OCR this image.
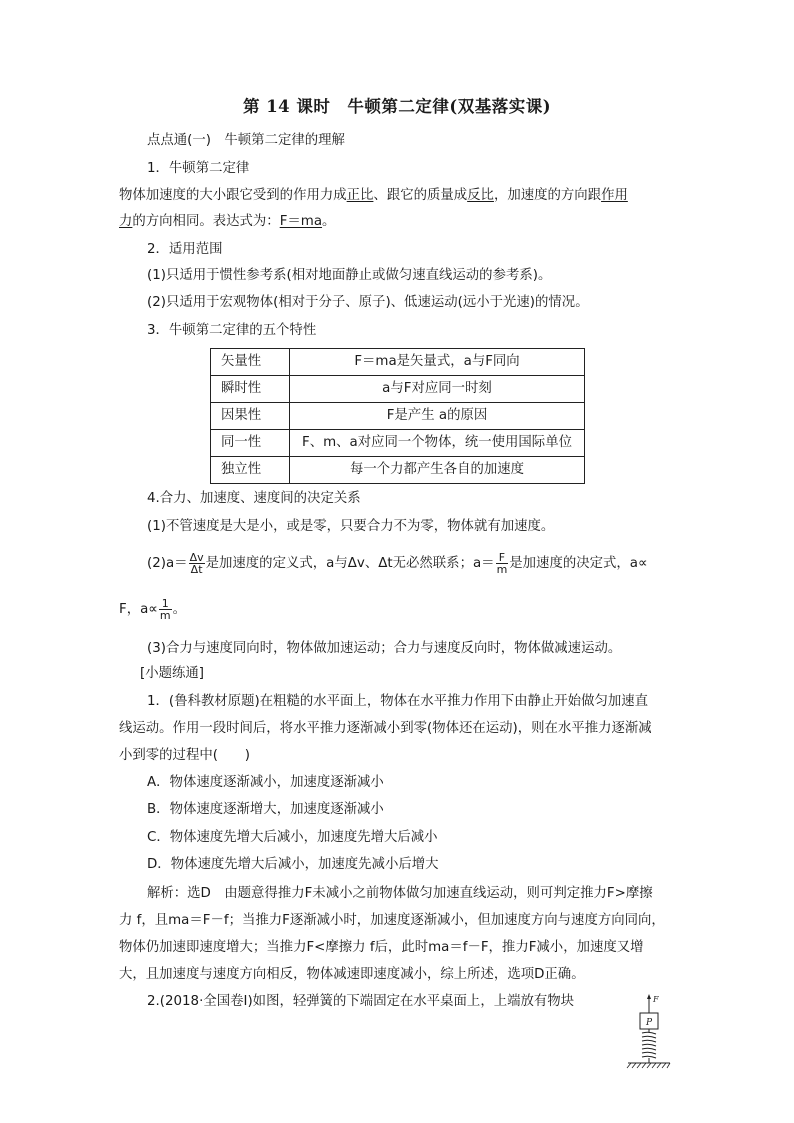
第 14 课时　牛顿第二定律(双基落实课)
点点通(一)　牛顿第二定律的理解
1．牛顿第二定律
物体加速度的大小跟它受到的作用力成正比、跟它的质量成反比，加速度的方向跟作用
力的方向相同。表达式为：F＝ma。
2．适用范围
(1)只适用于惯性参考系(相对地面静止或做匀速直线运动的参考系)。
(2)只适用于宏观物体(相对于分子、原子)、低速运动(远小于光速)的情况。
3．牛顿第二定律的五个特性
矢量性	F＝ma是矢量式，a与F同向
瞬时性	a与F对应同一时刻
因果性	F是产生 a的原因
同一性	F、m、a对应同一个物体，统一使用国际单位
独立性	每一个力都产生各自的加速度
4.合力、加速度、速度间的决定关系
(1)不管速度是大是小，或是零，只要合力不为零，物体就有加速度。
$(2)a= \frac{\Delta v}{\Delta t}$ 是加速度的定义式，a与Δv、Δt无必然联系；$a= \frac{F}{m}$ 是加速度的决定式，a∝
F，$a\propto \frac{1}{m}$ 。
(3)合力与速度同向时，物体做加速运动；合力与速度反向时，物体做减速运动。
[小题练通]
1．(鲁科教材原题)在粗糙的水平面上，物体在水平推力作用下由静止开始做匀加速直
线运动。作用一段时间后，将水平推力逐渐减小到零(物体还在运动)，则在水平推力逐渐减
小到零的过程中(　　)
A．物体速度逐渐减小，加速度逐渐减小
B．物体速度逐渐增大，加速度逐渐减小
C．物体速度先增大后减小，加速度先增大后减小
D．物体速度先增大后减小，加速度先减小后增大
解析：选D　由题意得推力F未减小之前物体做匀加速直线运动，则可判定推力F>摩擦
力 f，且ma＝F－f；当推力F逐渐减小时，加速度逐渐减小，但加速度方向与速度方向同向，
物体仍加速即速度增大；当推力F<摩擦力 f后，此时ma＝f－F，推力F减小，加速度又增
大，且加速度与速度方向相反，物体减速即速度减小，综上所述，选项D正确。
2.(2018·全国卷Ⅰ)如图，轻弹簧的下端固定在水平桌面上，上端放有物块	F
P
